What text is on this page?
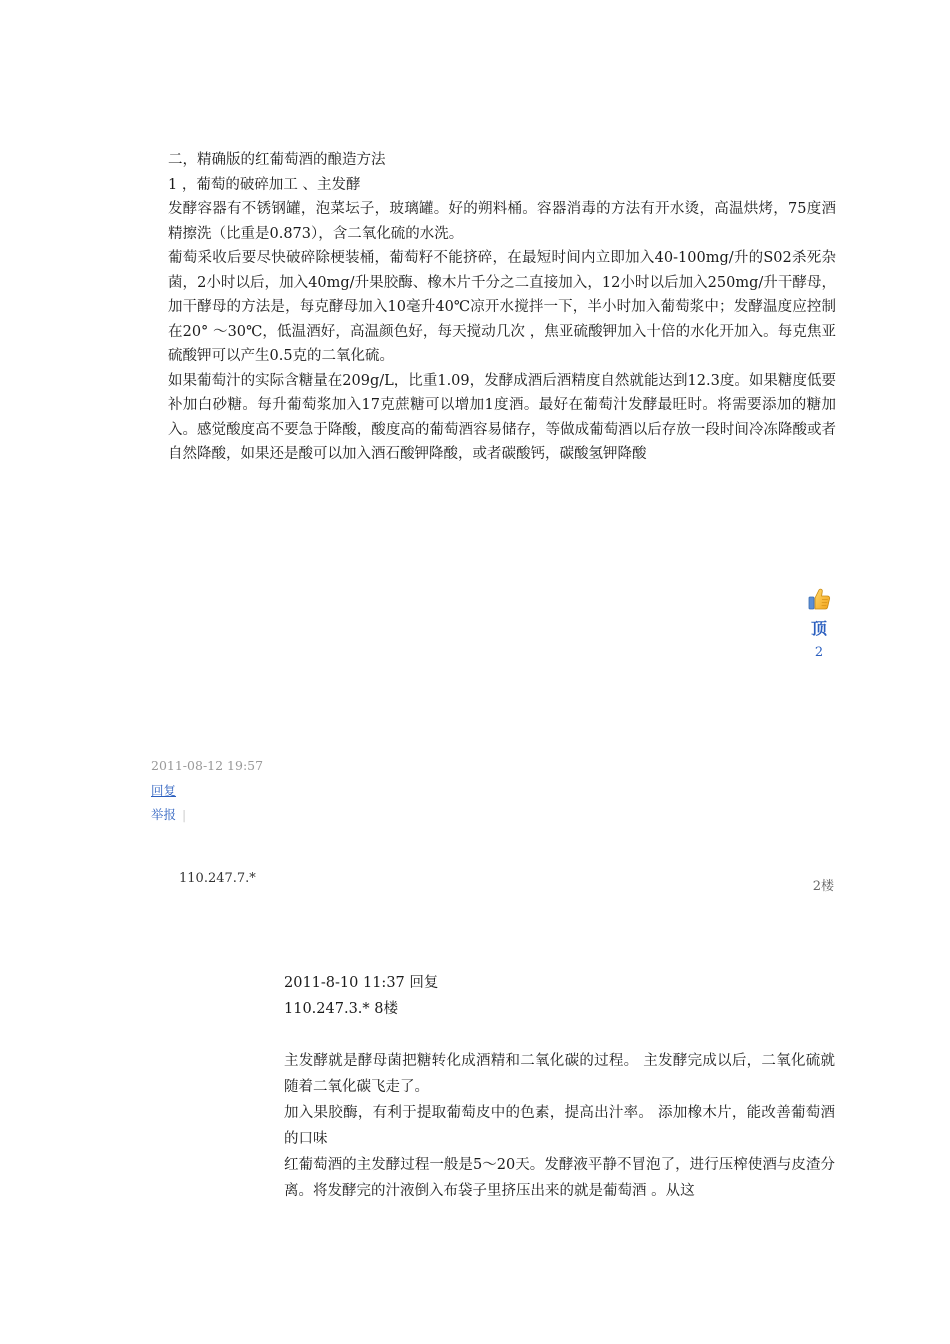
二，精确版的红葡萄酒的酿造方法

1 ，葡萄的破碎加工 、主发酵

发酵容器有不锈钢罐，泡菜坛子，玻璃罐。好的朔料桶。容器消毒的方法有开水烫，高温烘烤，75度酒精擦洗（比重是0.873），含二氧化硫的水洗。

葡萄采收后要尽快破碎除梗装桶，葡萄籽不能挤碎，在最短时间内立即加入40-100mg/升的S02杀死杂菌，2小时以后，加入40mg/升果胶酶、橡木片千分之二直接加入，12小时以后加入250mg/升干酵母，加干酵母的方法是，每克酵母加入10毫升40℃凉开水搅拌一下，半小时加入葡萄浆中；发酵温度应控制在20° ～30℃，低温酒好，高温颜色好，每天搅动几次 ，焦亚硫酸钾加入十倍的水化开加入。每克焦亚硫酸钾可以产生0.5克的二氧化硫。

如果葡萄汁的实际含糖量在209g/L，比重1.09，发酵成酒后酒精度自然就能达到12.3度。如果糖度低要补加白砂糖。每升葡萄浆加入17克蔗糖可以增加1度酒。最好在葡萄汁发酵最旺时。将需要添加的糖加入。感觉酸度高不要急于降酸，酸度高的葡萄酒容易储存，等做成葡萄酒以后存放一段时间冷冻降酸或者自然降酸，如果还是酸可以加入酒石酸钾降酸，或者碳酸钙，碳酸氢钾降酸

顶
2
2011-08-12 19:57
回复
举报 |
110.247.7.*
2楼

2011-8-10 11:37 回复

110.247.3.* 8楼

主发酵就是酵母菌把糖转化成酒精和二氧化碳的过程。 主发酵完成以后，二氧化硫就随着二氧化碳飞走了。

加入果胶酶，有利于提取葡萄皮中的色素，提高出汁率。 添加橡木片，能改善葡萄酒的口味

红葡萄酒的主发酵过程一般是5～20天。发酵液平静不冒泡了，进行压榨使酒与皮渣分离。将发酵完的汁液倒入布袋子里挤压出来的就是葡萄酒 。从这
